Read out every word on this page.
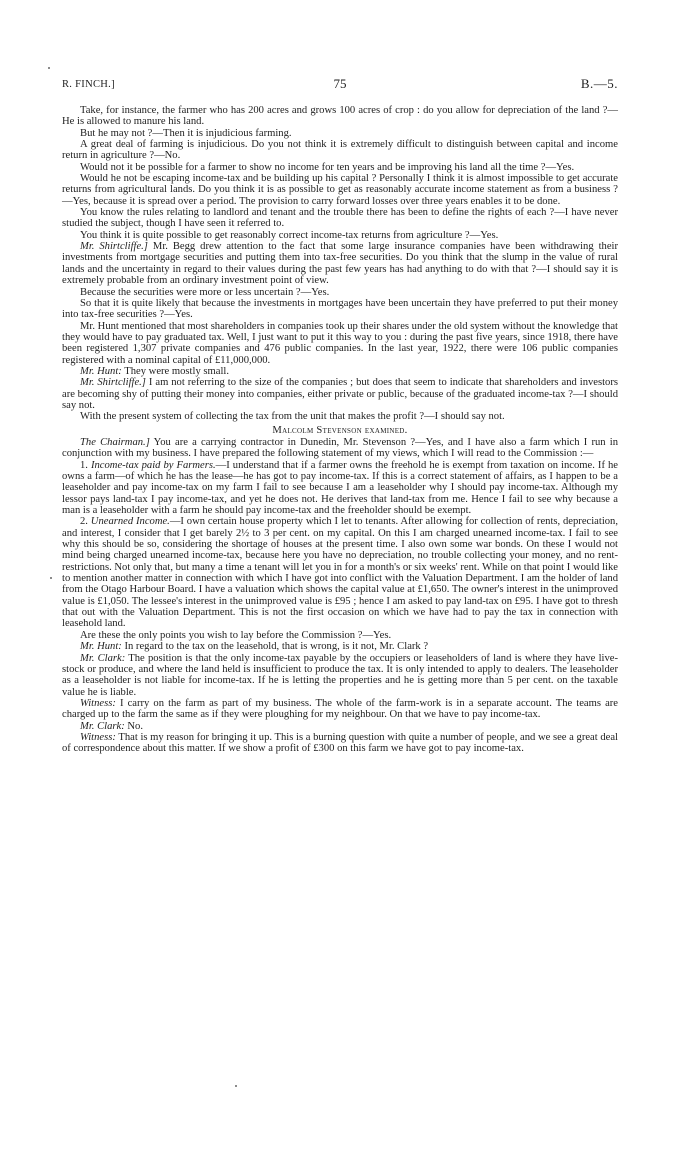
R. FINCH.]	75	B.—5.

Take, for instance, the farmer who has 200 acres and grows 100 acres of crop : do you allow for depreciation of the land ?—He is allowed to manure his land.

But he may not ?—Then it is injudicious farming.

A great deal of farming is injudicious. Do you not think it is extremely difficult to distinguish between capital and income return in agriculture ?—No.

Would not it be possible for a farmer to show no income for ten years and be improving his land all the time ?—Yes.

Would he not be escaping income-tax and be building up his capital ? Personally I think it is almost impossible to get accurate returns from agricultural lands. Do you think it is as possible to get as reasonably accurate income statement as from a business ?—Yes, because it is spread over a period. The provision to carry forward losses over three years enables it to be done.

You know the rules relating to landlord and tenant and the trouble there has been to define the rights of each ?—I have never studied the subject, though I have seen it referred to.

You think it is quite possible to get reasonably correct income-tax returns from agriculture ?—Yes.

Mr. Shirtcliffe.] Mr. Begg drew attention to the fact that some large insurance companies have been withdrawing their investments from mortgage securities and putting them into tax-free securities. Do you think that the slump in the value of rural lands and the uncertainty in regard to their values during the past few years has had anything to do with that ?—I should say it is extremely probable from an ordinary investment point of view.

Because the securities were more or less uncertain ?—Yes.

So that it is quite likely that because the investments in mortgages have been uncertain they have preferred to put their money into tax-free securities ?—Yes.

Mr. Hunt mentioned that most shareholders in companies took up their shares under the old system without the knowledge that they would have to pay graduated tax. Well, I just want to put it this way to you : during the past five years, since 1918, there have been registered 1,307 private companies and 476 public companies. In the last year, 1922, there were 106 public companies registered with a nominal capital of £11,000,000.

Mr. Hunt: They were mostly small.

Mr. Shirtcliffe.] I am not referring to the size of the companies ; but does that seem to indicate that shareholders and investors are becoming shy of putting their money into companies, either private or public, because of the graduated income-tax ?—I should say not.

With the present system of collecting the tax from the unit that makes the profit ?—I should say not.

Malcolm Stevenson examined.

The Chairman.] You are a carrying contractor in Dunedin, Mr. Stevenson ?—Yes, and I have also a farm which I run in conjunction with my business. I have prepared the following statement of my views, which I will read to the Commission :—

1. Income-tax paid by Farmers.—I understand that if a farmer owns the freehold he is exempt from taxation on income. If he owns a farm—of which he has the lease—he has got to pay income-tax. If this is a correct statement of affairs, as I happen to be a leaseholder and pay income-tax on my farm I fail to see because I am a leaseholder why I should pay income-tax. Although my lessor pays land-tax I pay income-tax, and yet he does not. He derives that land-tax from me. Hence I fail to see why because a man is a leaseholder with a farm he should pay income-tax and the freeholder should be exempt.

2. Unearned Income.—I own certain house property which I let to tenants. After allowing for collection of rents, depreciation, and interest, I consider that I get barely 2½ to 3 per cent. on my capital. On this I am charged unearned income-tax. I fail to see why this should be so, considering the shortage of houses at the present time. I also own some war bonds. On these I would not mind being charged unearned income-tax, because here you have no depreciation, no trouble collecting your money, and no rent-restrictions. Not only that, but many a time a tenant will let you in for a month's or six weeks' rent. While on that point I would like to mention another matter in connection with which I have got into conflict with the Valuation Department. I am the holder of land from the Otago Harbour Board. I have a valuation which shows the capital value at £1,650. The owner's interest in the unimproved value is £1,050. The lessee's interest in the unimproved value is £95 ; hence I am asked to pay land-tax on £95. I have got to thresh that out with the Valuation Department. This is not the first occasion on which we have had to pay the tax in connection with leasehold land.

Are these the only points you wish to lay before the Commission ?—Yes.

Mr. Hunt: In regard to the tax on the leasehold, that is wrong, is it not, Mr. Clark ?

Mr. Clark: The position is that the only income-tax payable by the occupiers or leaseholders of land is where they have live-stock or produce, and where the land held is insufficient to produce the tax. It is only intended to apply to dealers. The leaseholder as a leaseholder is not liable for income-tax. If he is letting the properties and he is getting more than 5 per cent. on the taxable value he is liable.

Witness: I carry on the farm as part of my business. The whole of the farm-work is in a separate account. The teams are charged up to the farm the same as if they were ploughing for my neighbour. On that we have to pay income-tax.

Mr. Clark: No.

Witness: That is my reason for bringing it up. This is a burning question with quite a number of people, and we see a great deal of correspondence about this matter. If we show a profit of £300 on this farm we have got to pay income-tax.
